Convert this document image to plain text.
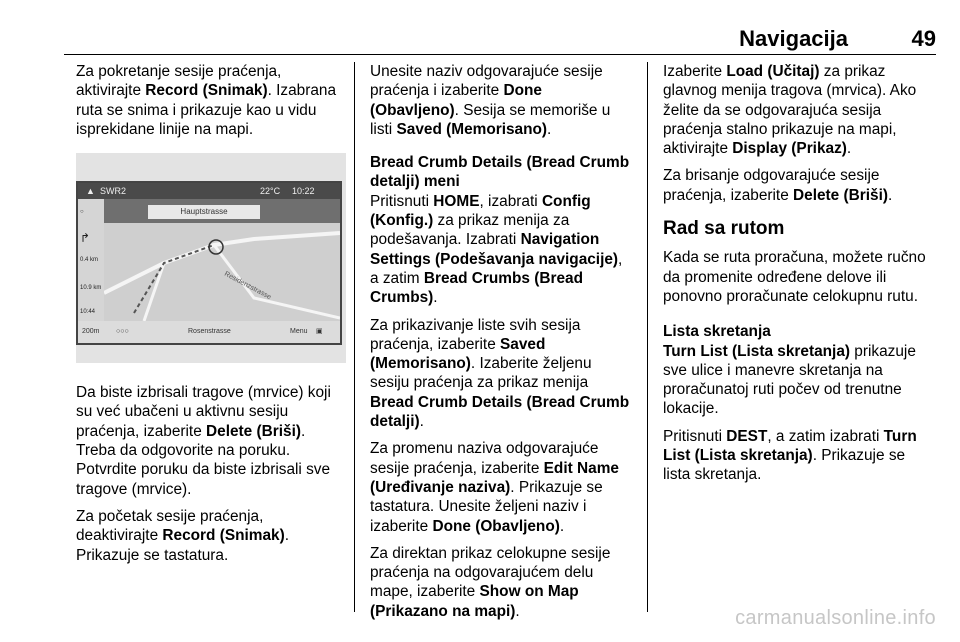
Navigacija	49

Za pokretanje sesije praćenja, aktivirajte Record (Snimak). Izabrana ruta se snima i prikazuje kao u vidu isprekidane linije na mapi.

▲ SWR2	22°C 10:22
○
↱
0.4 km
10.9 km
10:44
Residenzstrasse
Hauptstrasse
200m ○○○	Rosenstrasse	Menu ▣

Da biste izbrisali tragove (mrvice) koji su već ubačeni u aktivnu sesiju praćenja, izaberite Delete (Briši). Treba da odgovorite na poruku. Potvrdite poruku da biste izbrisali sve tragove (mrvice).

Za početak sesije praćenja, deaktivirajte Record (Snimak). Prikazuje se tastatura.

Unesite naziv odgovarajuće sesije praćenja i izaberite Done (Obavljeno). Sesija se memoriše u listi Saved (Memorisano).

Bread Crumb Details (Bread Crumb detalji) meni

Pritisnuti HOME, izabrati Config (Konfig.) za prikaz menija za podešavanja. Izabrati Navigation Settings (Podešavanja navigacije), a zatim Bread Crumbs (Bread Crumbs).

Za prikazivanje liste svih sesija praćenja, izaberite Saved (Memorisano). Izaberite željenu sesiju praćenja za prikaz menija Bread Crumb Details (Bread Crumb detalji).

Za promenu naziva odgovarajuće sesije praćenja, izaberite Edit Name (Uređivanje naziva). Prikazuje se tastatura. Unesite željeni naziv i izaberite Done (Obavljeno).

Za direktan prikaz celokupne sesije praćenja na odgovarajućem delu mape, izaberite Show on Map (Prikazano na mapi).

Izaberite Load (Učitaj) za prikaz glavnog menija tragova (mrvica). Ako želite da se odgovarajuća sesija praćenja stalno prikazuje na mapi, aktivirajte Display (Prikaz).

Za brisanje odgovarajuće sesije praćenja, izaberite Delete (Briši).

Rad sa rutom

Kada se ruta proračuna, možete ručno da promenite određene delove ili ponovno proračunate celokupnu rutu.

Lista skretanja

Turn List (Lista skretanja) prikazuje sve ulice i manevre skretanja na proračunatoj ruti počev od trenutne lokacije.

Pritisnuti DEST, a zatim izabrati Turn List (Lista skretanja). Prikazuje se lista skretanja.

carmanualsonline.info
